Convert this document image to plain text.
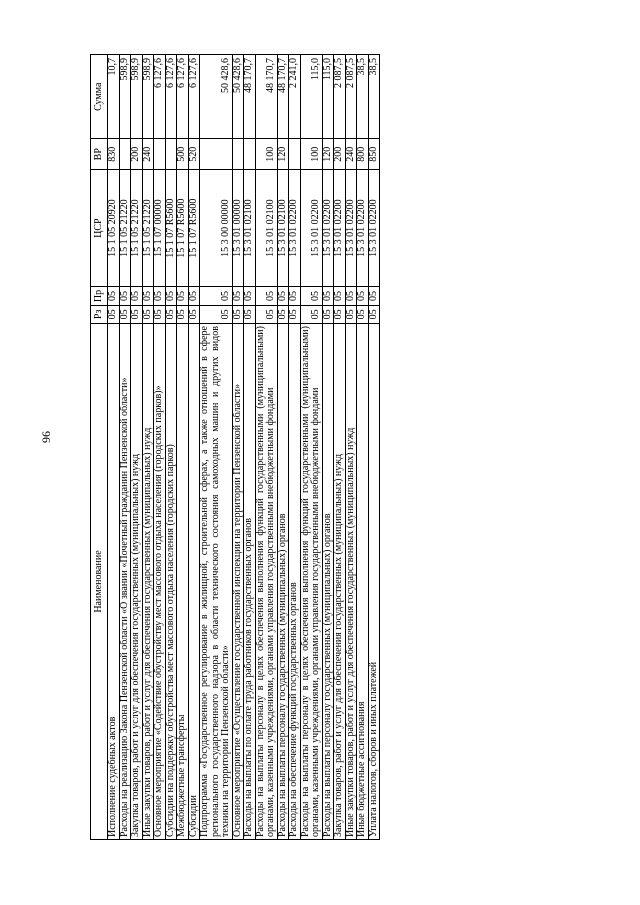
96
Наименование	Рз	Пр	ЦСР	ВР	Сумма
Исполнение судебных актов	05	05	15 1 05 20920	830	10,7
Расходы на реализацию Закона Пензенской области «О звании «Почетный гражданин Пензенской области»	05	05	15 1 05 21220		598,9
Закупка товаров, работ и услуг для обеспечения государственных (муниципальных) нужд	05	05	15 1 05 21220	200	598,9
Иные закупки товаров, работ и услуг для обеспечения государственных (муниципальных) нужд	05	05	15 1 05 21220	240	598,9
Основное мероприятие «Содействие обустройству мест массового отдыха населения (городских парков)»	05	05	15 1 07 00000		6 127,6
Субсидии на поддержку обустройства мест массового отдыха населения (городских парков)	05	05	15 1 07 R5600		6 127,6
Межбюджетные трансферты	05	05	15 1 07 R5600	500	6 127,6
Субсидии	05	05	15 1 07 R5600	520	6 127,6
Подпрограмма «Государственное регулирование в жилищной, строительной сферах, а также отношений в сфере регионального государственного надзора в области технического состояния самоходных машин и других видов техники на территории Пензенской области»	05	05	15 3 00 00000		50 428,6
Основное мероприятие «Осуществление государственной инспекции на территории Пензенской области»	05	05	15 3 01 00000		50 428,6
Расходы на выплаты по оплате труда работников государственных органов	05	05	15 3 01 02100		48 170,7
Расходы на выплаты персоналу в целях обеспечения выполнения функций государственными (муниципальными) органами, казенными учреждениями, органами управления государственными внебюджетными фондами	05	05	15 3 01 02100	100	48 170,7
Расходы на выплаты персоналу государственных (муниципальных) органов	05	05	15 3 01 02100	120	48 170,7
Расходы на обеспечение функций государственных органов	05	05	15 3 01 02200		2 241,0
Расходы на выплаты персоналу в целях обеспечения выполнения функций государственными (муниципальными) органами, казенными учреждениями, органами управления государственными внебюджетными фондами	05	05	15 3 01 02200	100	115,0
Расходы на выплаты персоналу государственных (муниципальных) органов	05	05	15 3 01 02200	120	115,0
Закупка товаров, работ и услуг для обеспечения государственных (муниципальных) нужд	05	05	15 3 01 02200	200	2 087,5
Иные закупки товаров, работ и услуг для обеспечения государственных (муниципальных) нужд	05	05	15 3 01 02200	240	2 087,5
Иные бюджетные ассигнования	05	05	15 3 01 02200	800	38,5
Уплата налогов, сборов и иных платежей	05	05	15 3 01 02200	850	38,5
